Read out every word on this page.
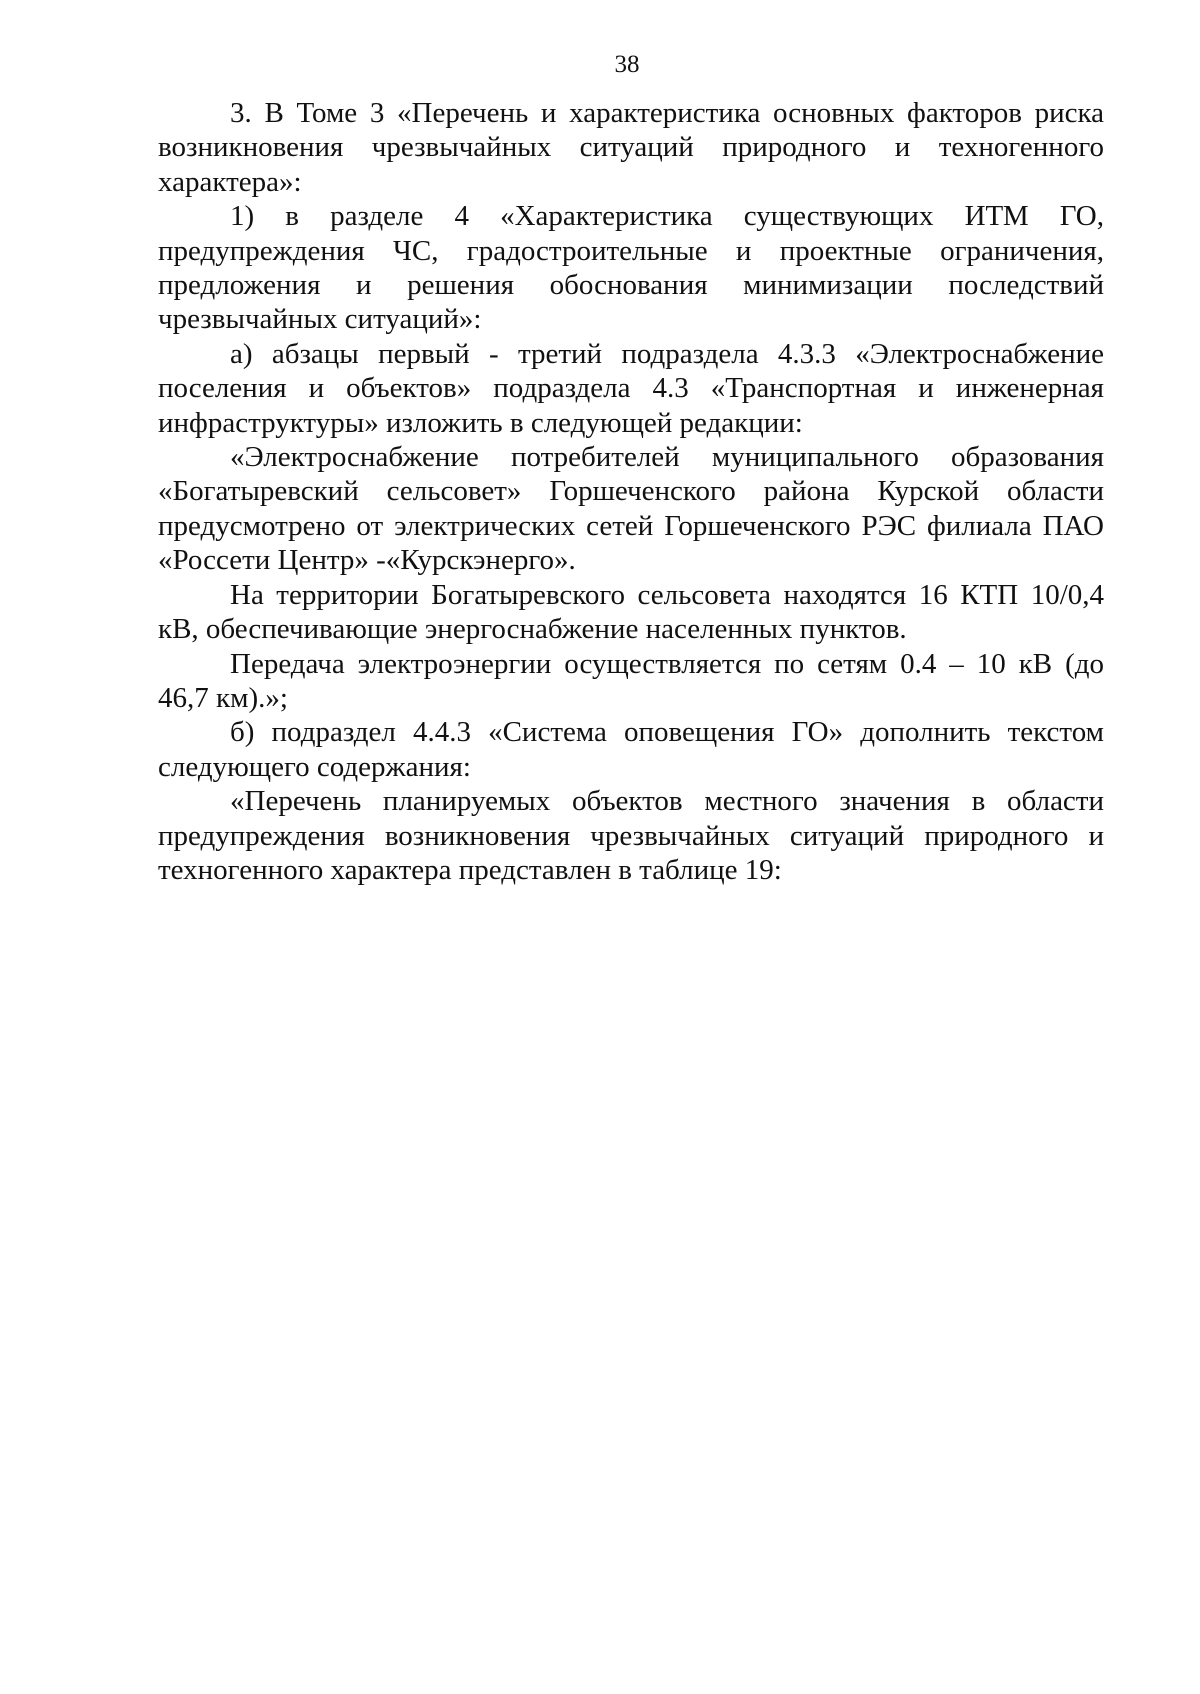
38

3. В Томе 3 «Перечень и характеристика основных факторов риска возникновения чрезвычайных ситуаций природного и техногенного характера»:

1) в разделе 4 «Характеристика существующих ИТМ ГО, предупреждения ЧС, градостроительные и проектные ограничения, предложения и решения обоснования минимизации последствий чрезвычайных ситуаций»:

а) абзацы первый - третий подраздела 4.3.3 «Электроснабжение поселения и объектов» подраздела 4.3 «Транспортная и инженерная инфраструктуры» изложить в следующей редакции:

«Электроснабжение потребителей муниципального образования «Богатыревский сельсовет» Горшеченского района Курской области предусмотрено от электрических сетей Горшеченского РЭС филиала ПАО «Россети Центр» -«Курскэнерго».

На территории Богатыревского сельсовета находятся 16 КТП 10/0,4 кВ, обеспечивающие энергоснабжение населенных пунктов.

Передача электроэнергии осуществляется по сетям 0.4 – 10 кВ (до 46,7 км).»;

б) подраздел 4.4.3 «Система оповещения ГО» дополнить текстом следующего содержания:

«Перечень планируемых объектов местного значения в области предупреждения возникновения чрезвычайных ситуаций природного и техногенного характера представлен в таблице 19:
